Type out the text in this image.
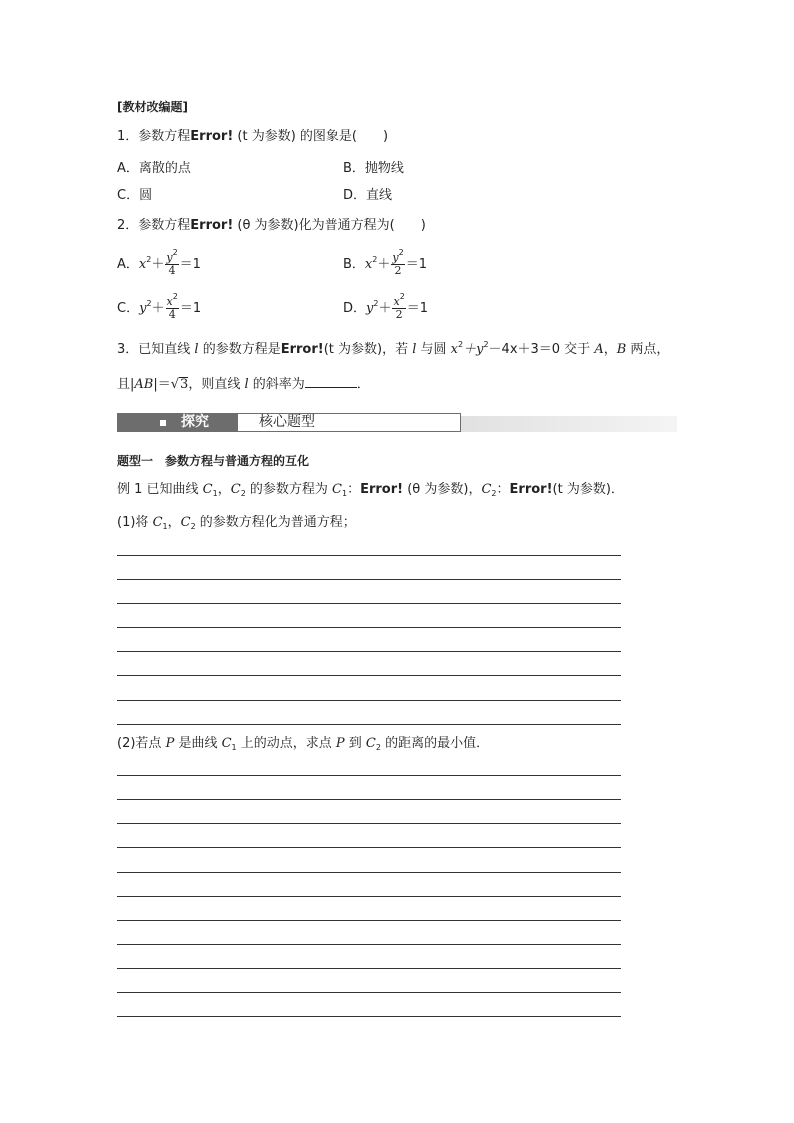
[教材改编题]
1．参数方程Error! (t 为参数) 的图象是(　　)
A．离散的点	B．抛物线
C．圆	D．直线
2．参数方程Error! (θ 为参数)化为普通方程为(　　)
A．$x^2+ \frac{y^2}{4} =1$	B．$x^2+ \frac{y^2}{2} =1$
C．$y^2+ \frac{x^2}{4} =1$	D．$y^2+ \frac{x^2}{2} =1$
3．已知直线 l 的参数方程是Error!(t 为参数)，若 l 与圆 $x^2+y^2-4x+3=0$ 交于 A，B 两点，
且|AB|＝√3，则直线 l 的斜率为	．
探究	核心题型
题型一　参数方程与普通方程的互化
例 1 已知曲线 $C_1$，$C_2$ 的参数方程为 $C_1$：Error! (θ 为参数)，$C_2$：Error!(t 为参数)．
(1)将 $C_1$，$C_2$ 的参数方程化为普通方程；
(2)若点 P 是曲线 $C_1$ 上的动点，求点 P 到 $C_2$ 的距离的最小值．
